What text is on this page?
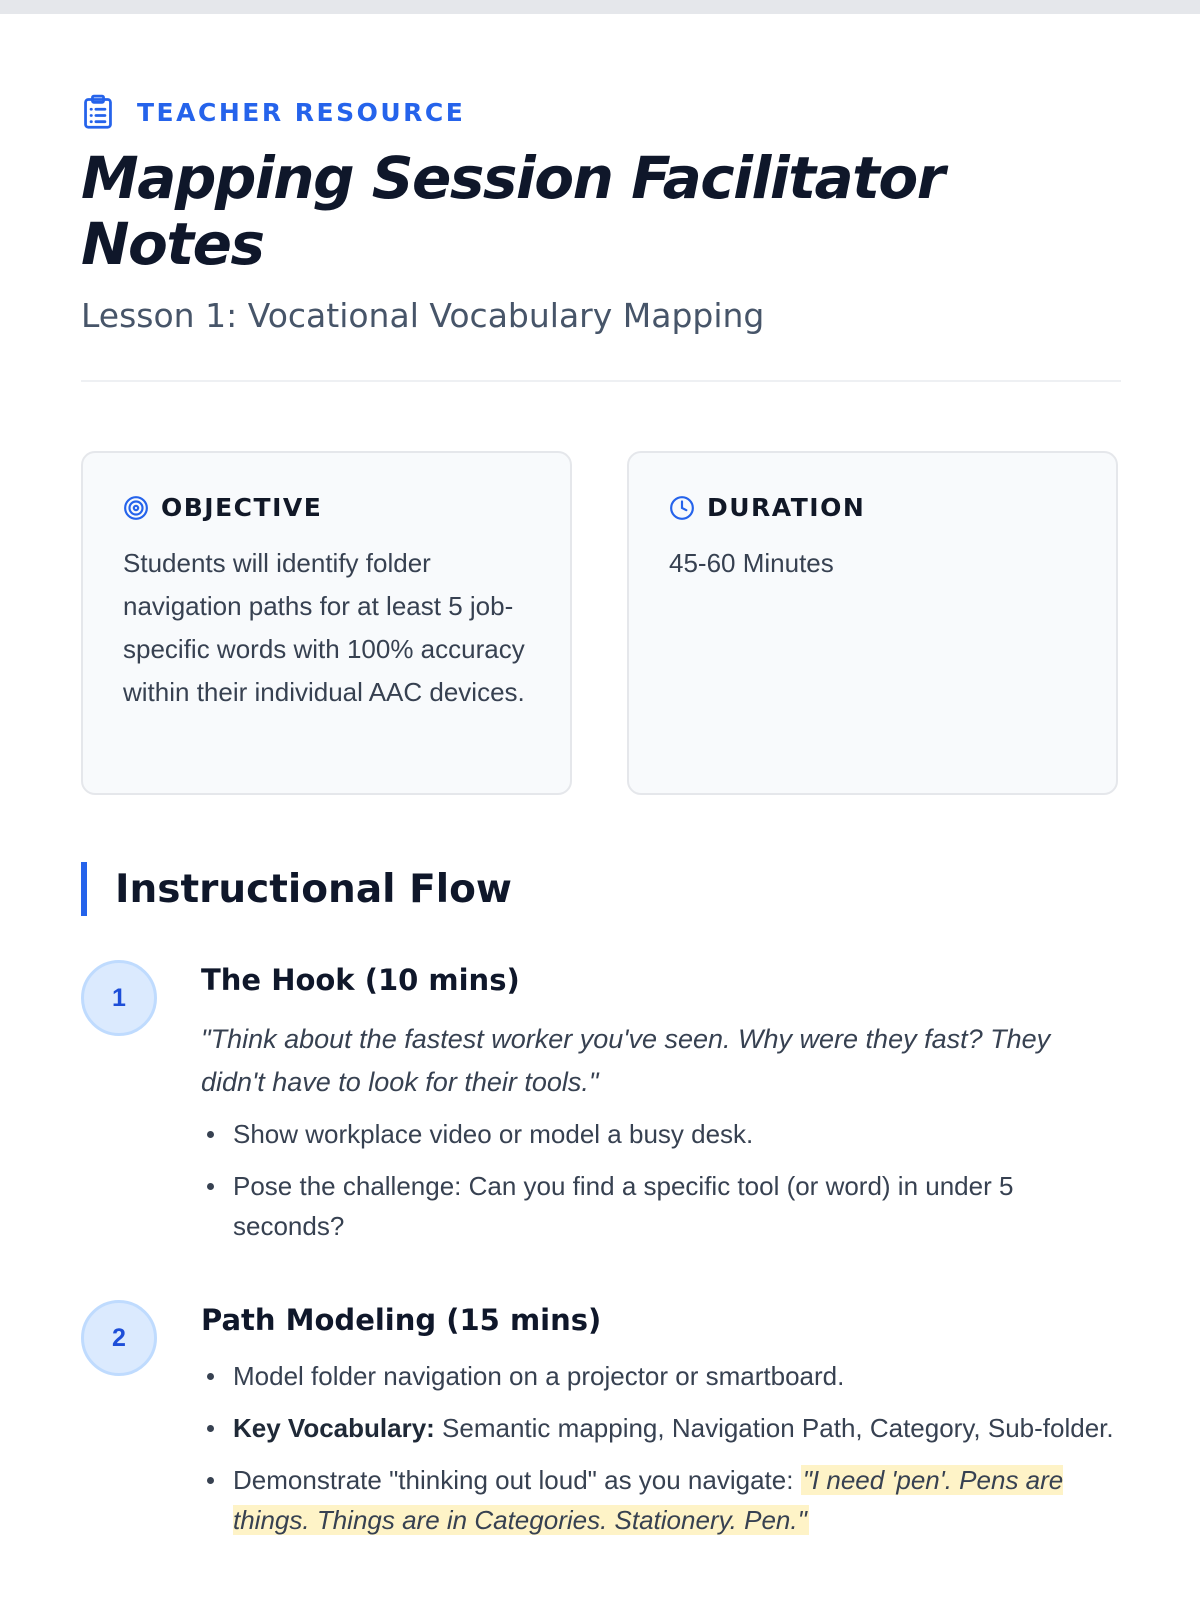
TEACHER RESOURCE
Mapping Session Facilitator Notes
Lesson 1: Vocational Vocabulary Mapping
OBJECTIVE
Students will identify folder navigation paths for at least 5 job-specific words with 100% accuracy within their individual AAC devices.
DURATION
45-60 Minutes
Instructional Flow
1
The Hook (10 mins)

"Think about the fastest worker you've seen. Why were they fast? They didn't have to look for their tools."

Show workplace video or model a busy desk.
Pose the challenge: Can you find a specific tool (or word) in under 5 seconds?
2
Path Modeling (15 mins)
Model folder navigation on a projector or smartboard.
Key Vocabulary: Semantic mapping, Navigation Path, Category, Sub-folder.
Demonstrate "thinking out loud" as you navigate: "I need 'pen'. Pens are things. Things are in Categories. Stationery. Pen."
